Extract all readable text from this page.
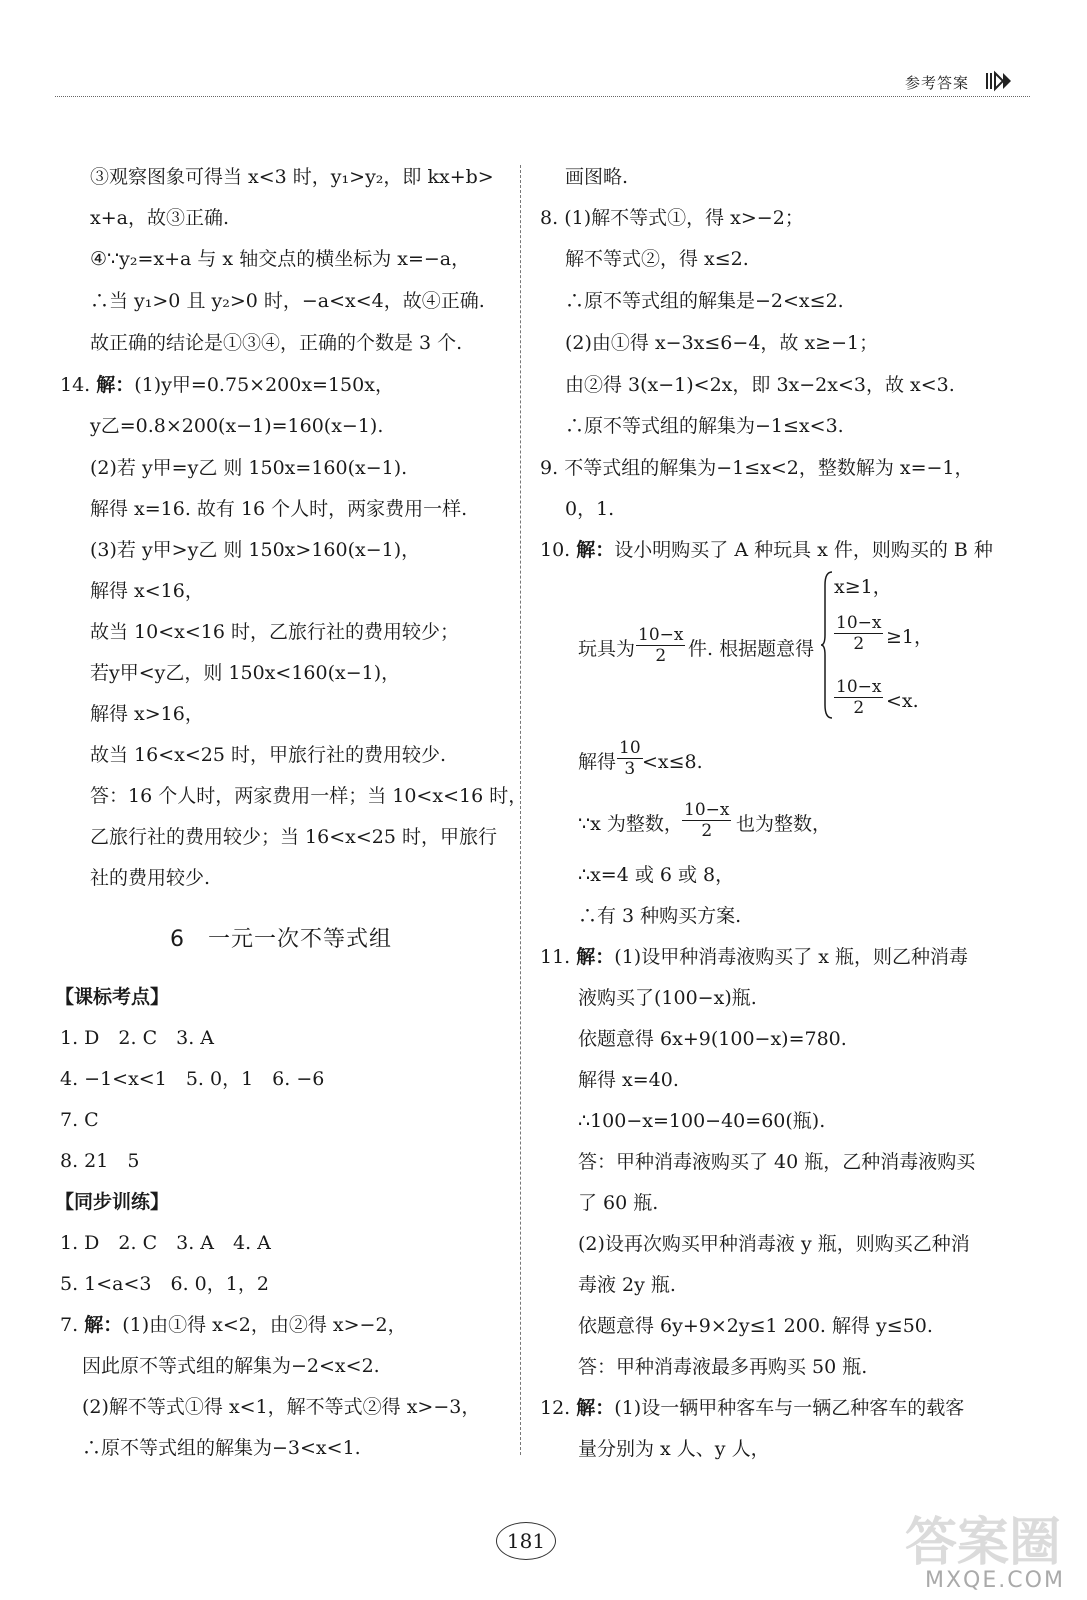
参考答案
③观察图象可得当 x<3 时，y₁>y₂，即 kx+b>
x+a，故③正确.
④∵y₂=x+a 与 x 轴交点的横坐标为 x=−a，
∴当 y₁>0 且 y₂>0 时，−a<x<4，故④正确.
故正确的结论是①③④，正确的个数是 3 个.
14. 解：(1)y甲=0.75×200x=150x，
y乙=0.8×200(x−1)=160(x−1).
(2)若 y甲=y乙 则 150x=160(x−1).
解得 x=16. 故有 16 个人时，两家费用一样.
(3)若 y甲>y乙 则 150x>160(x−1)，
解得 x<16，
故当 10<x<16 时，乙旅行社的费用较少；
若y甲<y乙，则 150x<160(x−1)，
解得 x>16，
故当 16<x<25 时，甲旅行社的费用较少.
答：16 个人时，两家费用一样；当 10<x<16 时，
乙旅行社的费用较少；当 16<x<25 时，甲旅行
社的费用较少.
6　一元一次不等式组
【课标考点】
1. D　2. C　3. A
4. −1<x<1　5. 0，1　6. −6
7. C
8. 21　5
【同步训练】
1. D　2. C　3. A　4. A
5. 1<a<3　6. 0，1，2
7. 解：(1)由①得 x<2，由②得 x>−2，
因此原不等式组的解集为−2<x<2.
(2)解不等式①得 x<1，解不等式②得 x>−3，
∴原不等式组的解集为−3<x<1.
画图略.
8. (1)解不等式①，得 x>−2；
解不等式②，得 x≤2.
∴原不等式组的解集是−2<x≤2.
(2)由①得 x−3x≤6−4，故 x≥−1；
由②得 3(x−1)<2x，即 3x−2x<3，故 x<3.
∴原不等式组的解集为−1≤x<3.
9. 不等式组的解集为−1≤x<2，整数解为 x=−1，
0，1.
10. 解：设小明购买了 A 种玩具 x 件，则购买的 B 种
玩具为 $\frac{10-x}{2}$ 件. 根据题意得
x≥1，
$\frac{10-x}{2} \ge 1$，
$\frac{10-x}{2} <x$.
解得 $\frac{10}{3} <x\le 8$.
∵x 为整数， $\frac{10-x}{2}$ 也为整数，
∴x=4 或 6 或 8，
∴有 3 种购买方案.
11. 解：(1)设甲种消毒液购买了 x 瓶，则乙种消毒
液购买了(100−x)瓶.
依题意得 6x+9(100−x)=780.
解得 x=40.
∴100−x=100−40=60(瓶).
答：甲种消毒液购买了 40 瓶，乙种消毒液购买
了 60 瓶.
(2)设再次购买甲种消毒液 y 瓶，则购买乙种消
毒液 2y 瓶.
依题意得 6y+9×2y≤1 200. 解得 y≤50.
答：甲种消毒液最多再购买 50 瓶.
12. 解：(1)设一辆甲种客车与一辆乙种客车的载客
量分别为 x 人、y 人，
181	答案圈
MXQE.COM
